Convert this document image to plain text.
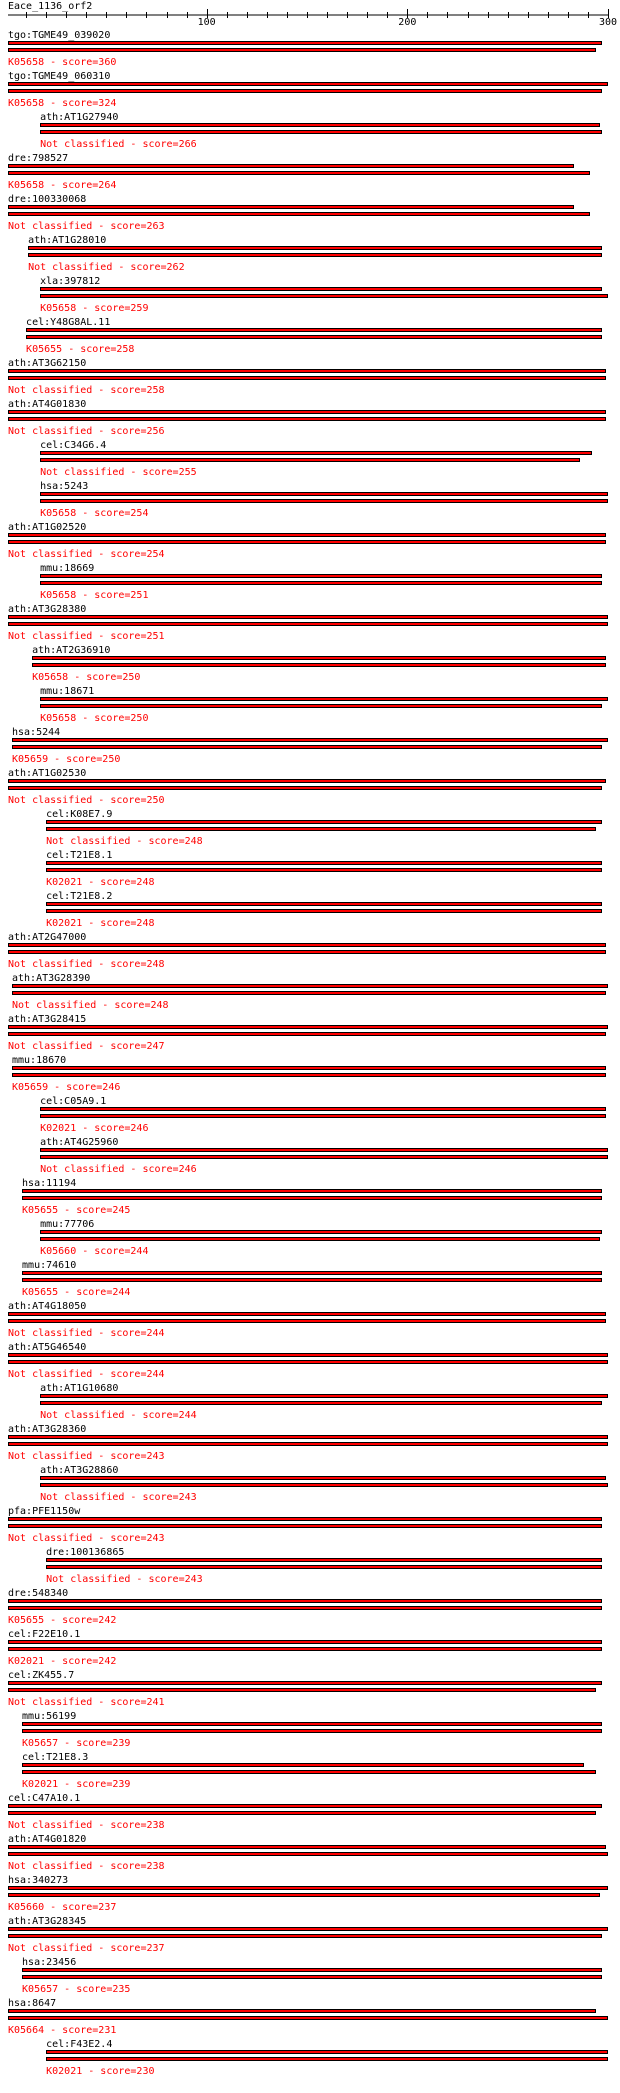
Eace_1136_orf2
100	200	300
tgo:TGME49_039020
K05658 - score=360
tgo:TGME49_060310
K05658 - score=324
ath:AT1G27940
Not classified - score=266
dre:798527
K05658 - score=264
dre:100330068
Not classified - score=263
ath:AT1G28010
Not classified - score=262
xla:397812
K05658 - score=259
cel:Y48G8AL.11
K05655 - score=258
ath:AT3G62150
Not classified - score=258
ath:AT4G01830
Not classified - score=256
cel:C34G6.4
Not classified - score=255
hsa:5243
K05658 - score=254
ath:AT1G02520
Not classified - score=254
mmu:18669
K05658 - score=251
ath:AT3G28380
Not classified - score=251
ath:AT2G36910
K05658 - score=250
mmu:18671
K05658 - score=250
hsa:5244
K05659 - score=250
ath:AT1G02530
Not classified - score=250
cel:K08E7.9
Not classified - score=248
cel:T21E8.1
K02021 - score=248
cel:T21E8.2
K02021 - score=248
ath:AT2G47000
Not classified - score=248
ath:AT3G28390
Not classified - score=248
ath:AT3G28415
Not classified - score=247
mmu:18670
K05659 - score=246
cel:C05A9.1
K02021 - score=246
ath:AT4G25960
Not classified - score=246
hsa:11194
K05655 - score=245
mmu:77706
K05660 - score=244
mmu:74610
K05655 - score=244
ath:AT4G18050
Not classified - score=244
ath:AT5G46540
Not classified - score=244
ath:AT1G10680
Not classified - score=244
ath:AT3G28360
Not classified - score=243
ath:AT3G28860
Not classified - score=243
pfa:PFE1150w
Not classified - score=243
dre:100136865
Not classified - score=243
dre:548340
K05655 - score=242
cel:F22E10.1
K02021 - score=242
cel:ZK455.7
Not classified - score=241
mmu:56199
K05657 - score=239
cel:T21E8.3
K02021 - score=239
cel:C47A10.1
Not classified - score=238
ath:AT4G01820
Not classified - score=238
hsa:340273
K05660 - score=237
ath:AT3G28345
Not classified - score=237
hsa:23456
K05657 - score=235
hsa:8647
K05664 - score=231
cel:F43E2.4
K02021 - score=230
